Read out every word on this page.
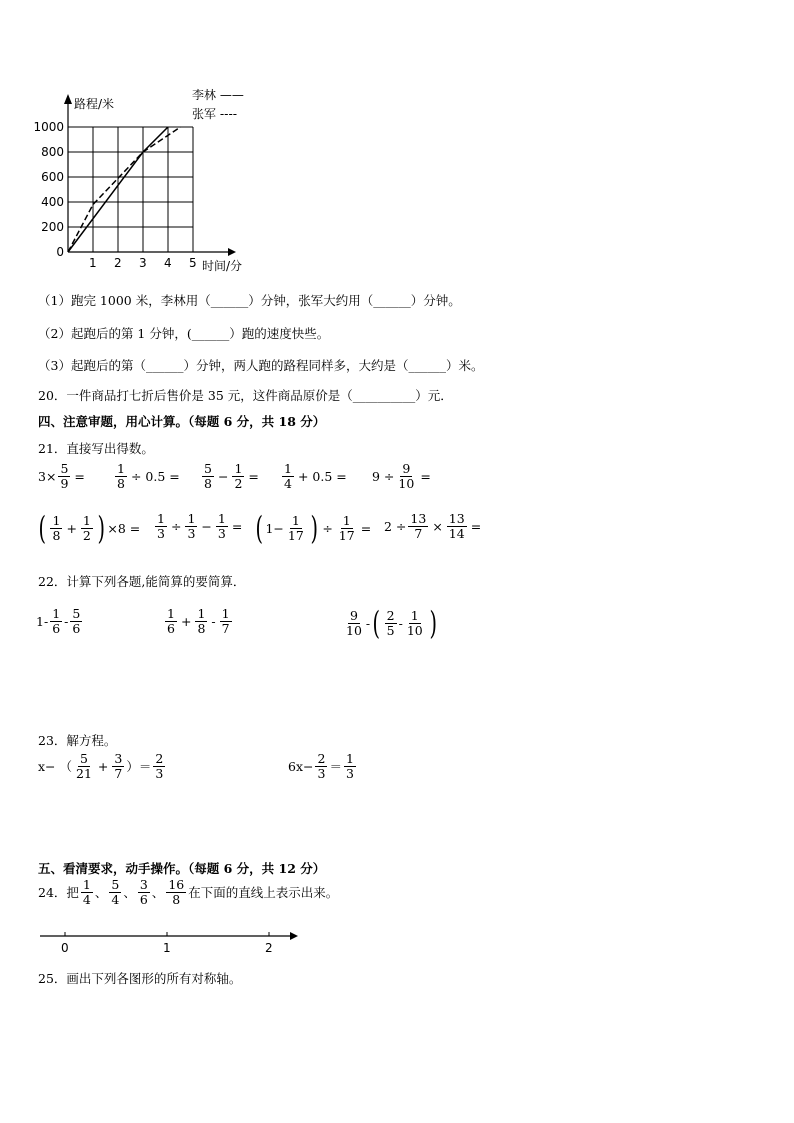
1 2 3 4 5
0
200
400
600
800
1000
路程/米
时间/分
李林 ——
张军 ----
（1）跑完 1000 米，李林用（______）分钟，张军大约用（______）分钟。
（2）起跑后的第 1 分钟，(______）跑的速度快些。
（3）起跑后的第（______）分钟，两人跑的路程同样多，大约是（______）米。
20．一件商品打七折后售价是 35 元，这件商品原价是（__________）元．
四、注意审题，用心计算。（每题 6 分，共 18 分）
21．直接写出得数。
$3\times \frac{5}{9} = \frac{1}{8} \div 0.5$ =
5
$8 - \frac{1}{2}$ =
1
$4 + 0.5 = 9 \div \frac{9}{10}$ =
( 1
$8 + \frac{1}{2}$ ) $\times 8 = \frac{1}{3} \div \frac{1}{3} - \frac{1}{3}$ = ( $1- \frac{1}{17}$ ) ÷ $\frac{1}{17} = 2 \div \frac{13}{7} \times \frac{13}{14}$ =
22．计算下列各题,能简算的要简算．
1-
1
6 -
5
6
1
$6 + \frac{1}{8}$ -
1
7
9
10 - ( 2
5 -
1
10 )
23．解方程。
x− （
5
$21 + \frac{3}{7}$ ）＝
2
3	$6x- \frac{2}{3}$ ＝
1
3
五、看清要求，动手操作。（每题 6 分，共 12 分）
24．把
1
4 、
5
4 、
3
6 、
16
8 在下面的直线上表示出来。
0	1	2
25．画出下列各图形的所有对称轴。
